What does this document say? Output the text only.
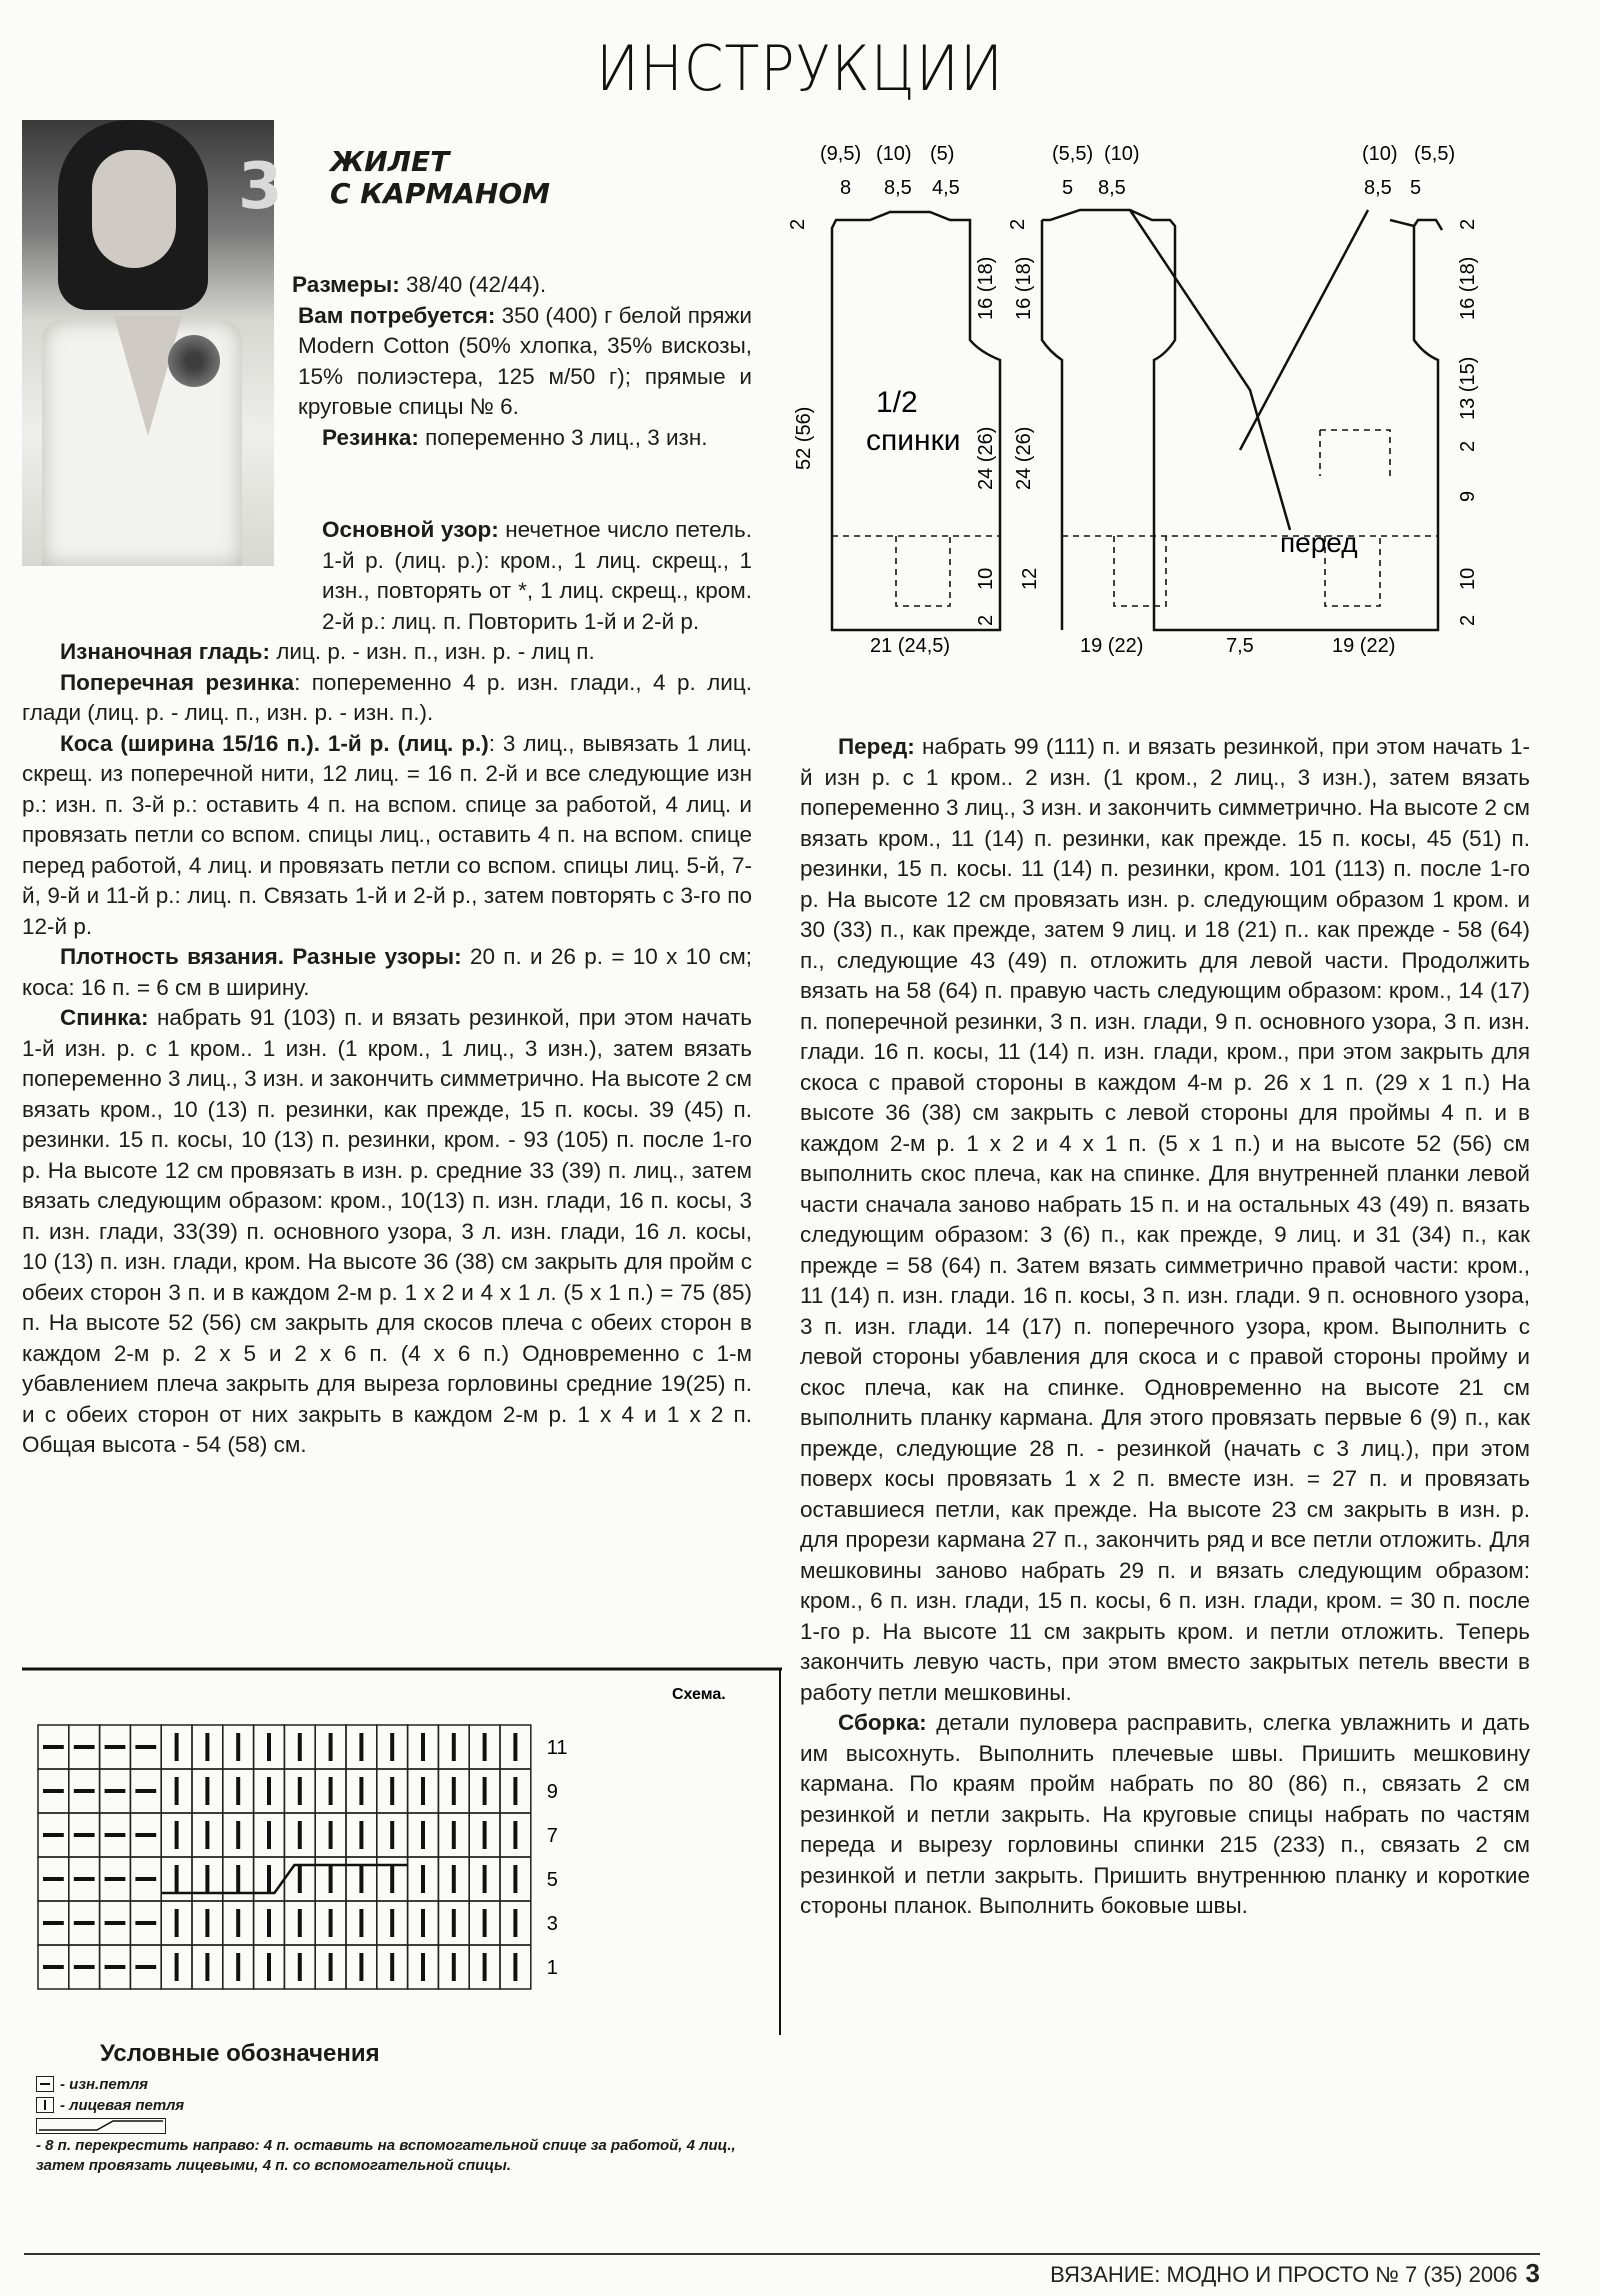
ИНСТРУКЦИИ
3 ЖИЛЕТ
С КАРМАНОМ

Размеры: 38/40 (42/44).

Вам потребуется: 350 (400) г белой пряжи Modern Cotton (50% хлопка, 35% вискозы, 15% полиэстера, 125 м/50 г); прямые и круговые спицы № 6.

Резинка: попеременно 3 лиц., 3 изн.

Основной узор: нечетное число петель. 1-й р. (лиц. р.): кром., 1 лиц. скрещ., 1 изн., повторять от *, 1 лиц. скрещ., кром. 2-й р.: лиц. п. Повторить 1-й и 2-й р.

Изнаночная гладь: лиц. р. - изн. п., изн. р. - лиц п.

Поперечная резинка: попеременно 4 р. изн. глади., 4 р. лиц. глади (лиц. р. - лиц. п., изн. р. - изн. п.).

Коса (ширина 15/16 п.). 1-й р. (лиц. р.): 3 лиц., вывязать 1 лиц. скрещ. из поперечной нити, 12 лиц. = 16 п. 2-й и все следующие изн р.: изн. п. 3-й р.: оставить 4 п. на вспом. спице за работой, 4 лиц. и провязать петли со вспом. спицы лиц., оставить 4 п. на вспом. спице перед работой, 4 лиц. и провязать петли со вспом. спицы лиц. 5-й, 7-й, 9-й и 11-й р.: лиц. п. Связать 1-й и 2-й р., затем повторять с 3-го по 12-й р.

Плотность вязания. Разные узоры: 20 п. и 26 р. = 10 х 10 см; коса: 16 п. = 6 см в ширину.

Спинка: набрать 91 (103) п. и вязать резинкой, при этом начать 1-й изн. р. с 1 кром.. 1 изн. (1 кром., 1 лиц., 3 изн.), затем вязать попеременно 3 лиц., 3 изн. и закончить симметрично. На высоте 2 см вязать кром., 10 (13) п. резинки, как прежде, 15 п. косы. 39 (45) п. резинки. 15 п. косы, 10 (13) п. резинки, кром. - 93 (105) п. после 1-го р. На высоте 12 см провязать в изн. р. средние 33 (39) п. лиц., затем вязать следующим образом: кром., 10(13) п. изн. глади, 16 п. косы, 3 п. изн. глади, 33(39) п. основного узора, 3 л. изн. глади, 16 л. косы, 10 (13) п. изн. глади, кром. На высоте 36 (38) см закрыть для пройм с обеих сторон 3 п. и в каждом 2-м р. 1 х 2 и 4 х 1 л. (5 х 1 п.) = 75 (85) п. На высоте 52 (56) см закрыть для скосов плеча с обеих сторон в каждом 2-м р. 2 х 5 и 2 х 6 п. (4 х 6 п.) Одновременно с 1-м убавлением плеча закрыть для выреза горловины средние 19(25) п. и с обеих сторон от них закрыть в каждом 2-м р. 1 х 4 и 1 х 2 п. Общая высота - 54 (58) см.

Перед: набрать 99 (111) п. и вязать резинкой, при этом начать 1-й изн р. с 1 кром.. 2 изн. (1 кром., 2 лиц., 3 изн.), затем вязать попеременно 3 лиц., 3 изн. и закончить симметрично. На высоте 2 см вязать кром., 11 (14) п. резинки, как прежде. 15 п. косы, 45 (51) п. резинки, 15 п. косы. 11 (14) п. резинки, кром. 101 (113) п. после 1-го р. На высоте 12 см провязать изн. р. следующим образом 1 кром. и 30 (33) п., как прежде, затем 9 лиц. и 18 (21) п.. как прежде - 58 (64) п., следующие 43 (49) п. отложить для левой части. Продолжить вязать на 58 (64) п. правую часть следующим образом: кром., 14 (17) п. поперечной резинки, 3 п. изн. глади, 9 п. основного узора, 3 п. изн. глади. 16 п. косы, 11 (14) п. изн. глади, кром., при этом закрыть для скоса с правой стороны в каждом 4-м р. 26 х 1 п. (29 х 1 п.) На высоте 36 (38) см закрыть с левой стороны для проймы 4 п. и в каждом 2-м р. 1 х 2 и 4 х 1 п. (5 х 1 п.) и на высоте 52 (56) см выполнить скос плеча, как на спинке. Для внутренней планки левой части сначала заново набрать 15 п. и на остальных 43 (49) п. вязать следующим образом: 3 (6) п., как прежде, 9 лиц. и 31 (34) п., как прежде = 58 (64) п. Затем вязать симметрично правой части: кром., 11 (14) п. изн. глади. 16 п. косы, 3 п. изн. глади. 9 п. основного узора, 3 п. изн. глади. 14 (17) п. поперечного узора, кром. Выполнить с левой стороны убавления для скоса и с правой стороны пройму и скос плеча, как на спинке. Одновременно на высоте 21 см выполнить планку кармана. Для этого провязать первые 6 (9) п., как прежде, следующие 28 п. - резинкой (начать с 3 лиц.), при этом поверх косы провязать 1 х 2 п. вместе изн. = 27 п. и провязать оставшиеся петли, как прежде. На высоте 23 см закрыть в изн. р. для прорези кармана 27 п., закончить ряд и все петли отложить. Для мешковины заново набрать 29 п. и вязать следующим образом: кром., 6 п. изн. глади, 15 п. косы, 6 п. изн. глади, кром. = 30 п. после 1-го р. На высоте 11 см закрыть кром. и петли отложить. Теперь закончить левую часть, при этом вместо закрытых петель ввести в работу петли мешковины.

Сборка: детали пуловера расправить, слегка увлажнить и дать им высохнуть. Выполнить плечевые швы. Пришить мешковину кармана. По краям пройм набрать по 80 (86) п., связать 2 см резинкой и петли закрыть. На круговые спицы набрать по частям переда и вырезу горловины спинки 215 (233) п., связать 2 см резинкой и петли закрыть. Пришить внутреннюю планку и короткие стороны планок. Выполнить боковые швы.

1/2
спинки
(9,5) (10) (5)
8 8,5 4,5
52 (56)
2
16 (18)
24 (26)
10
2
21 (24,5)
перед
(5,5) (10)	(10) (5,5)
5 8,5	8,5 5
2
16 (18)
24 (26)
12
2
16 (18)
13 (15)
2
9
10
2
19 (22)	7,5	19 (22)
Схема.
11
9
7
5
3
1
Условные обозначения
- изн.петля
- лицевая петля
- 8 п. перекрестить направо: 4 п. оставить на вспомогательной спице за работой, 4 лиц., затем провязать лицевыми, 4 п. со вспомогательной спицы.
ВЯЗАНИЕ: МОДНО И ПРОСТО № 7 (35) 2006 3
